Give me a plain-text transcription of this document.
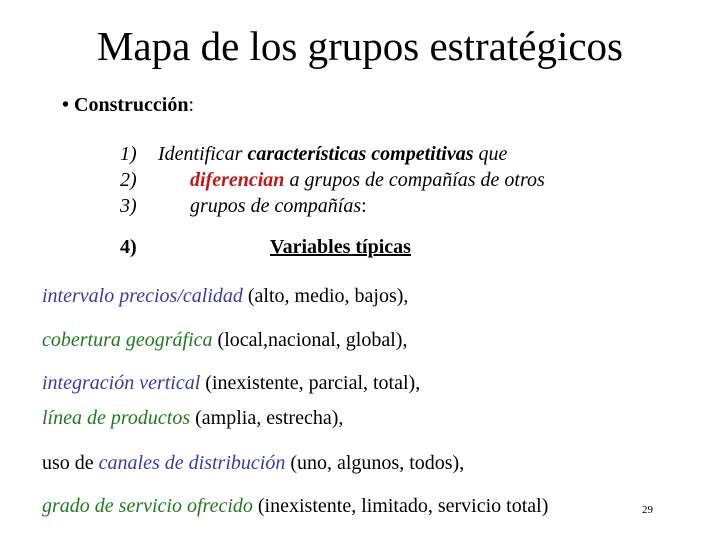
Mapa de los grupos estratégicos
• Construcción:
1)
2)
3)
Identificar características competitivas que
diferencian a grupos de compañías de otros
grupos de compañías:
4)	Variables típicas
intervalo precios/calidad (alto, medio, bajos),
cobertura geográfica (local,nacional, global),
integración vertical (inexistente, parcial, total),
línea de productos (amplia, estrecha),
uso de canales de distribución (uno, algunos, todos),
grado de servicio ofrecido (inexistente, limitado, servicio total)	29
